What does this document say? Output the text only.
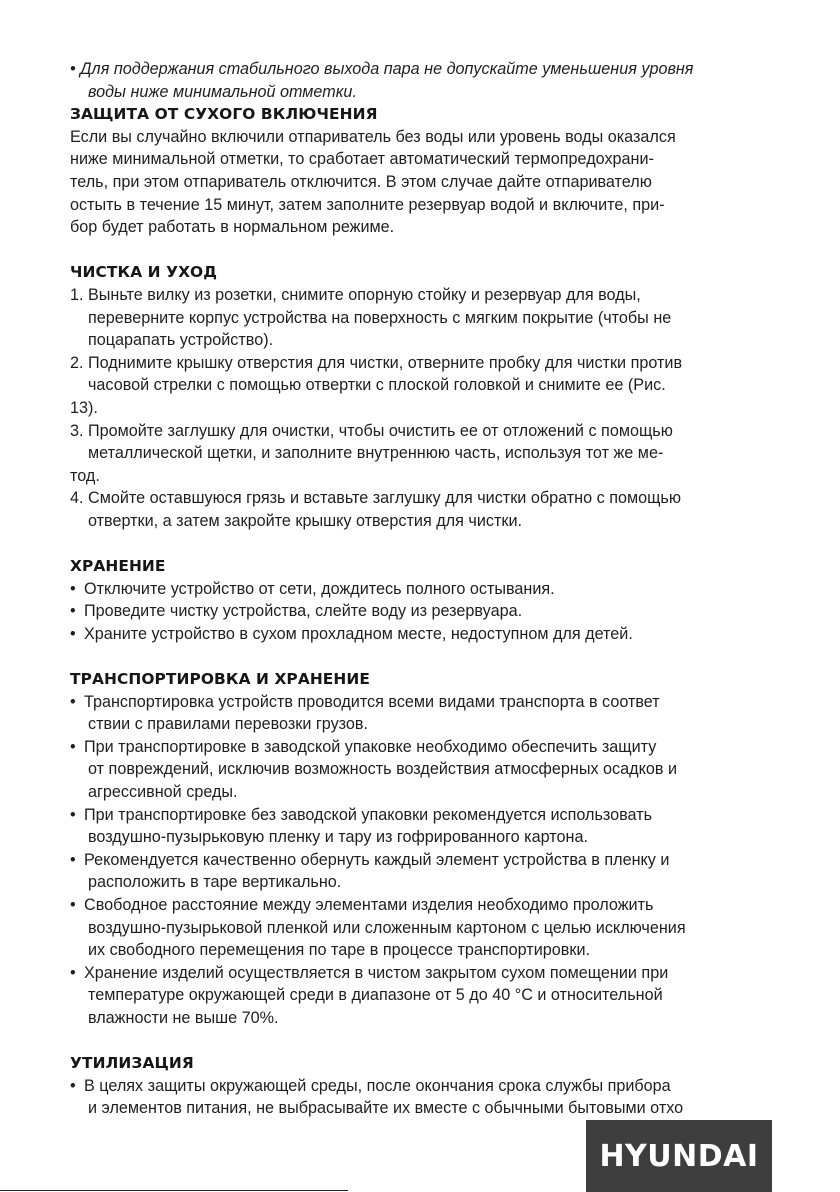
• Для поддержания стабильного выхода пара не допускайте уменьшения уровня
воды ниже минимальной отметки.
ЗАЩИТА ОТ СУХОГО ВКЛЮЧЕНИЯ
Если вы случайно включили отпариватель без воды или уровень воды оказался
ниже минимальной отметки, то сработает автоматический термопредохрани-
тель, при этом отпариватель отключится. В этом случае дайте отпаривателю
остыть в течение 15 минут, затем заполните резервуар водой и включите, при-
бор будет работать в нормальном режиме.
ЧИСТКА И УХОД
1. Выньте вилку из розетки, снимите опорную стойку и резервуар для воды,
переверните корпус устройства на поверхность с мягким покрытие (чтобы не
поцарапать устройство).
2. Поднимите крышку отверстия для чистки, отверните пробку для чистки против
часовой стрелки с помощью отвертки с плоской головкой и снимите ее (Рис.
13).
3. Промойте заглушку для очистки, чтобы очистить ее от отложений с помощью
металлической щетки, и заполните внутреннюю часть, используя тот же ме-
тод.
4. Смойте оставшуюся грязь и вставьте заглушку для чистки обратно с помощью
отвертки, а затем закройте крышку отверстия для чистки.
ХРАНЕНИЕ
• Отключите устройство от сети, дождитесь полного остывания.
• Проведите чистку устройства, слейте воду из резервуара.
• Храните устройство в сухом прохладном месте, недоступном для детей.
ТРАНСПОРТИРОВКА И ХРАНЕНИЕ
• Транспортировка устройств проводится всеми видами транспорта в соответ
ствии с правилами перевозки грузов.
• При транспортировке в заводской упаковке необходимо обеспечить защиту
от повреждений, исключив возможность воздействия атмосферных осадков и
агрессивной среды.
• При транспортировке без заводской упаковки рекомендуется использовать
воздушно-пузырьковую пленку и тару из гофрированного картона.
• Рекомендуется качественно обернуть каждый элемент устройства в пленку и
расположить в таре вертикально.
• Свободное расстояние между элементами изделия необходимо проложить
воздушно-пузырьковой пленкой или сложенным картоном с целью исключения
их свободного перемещения по таре в процессе транспортировки.
• Хранение изделий осуществляется в чистом закрытом сухом помещении при
температуре окружающей среди в диапазоне от 5 до 40 °C и относительной
влажности не выше 70%.
УТИЛИЗАЦИЯ
• В целях защиты окружающей среды, после окончания срока службы прибора
и элементов питания, не выбрасывайте их вместе с обычными бытовыми отхо
HYUNDAI
